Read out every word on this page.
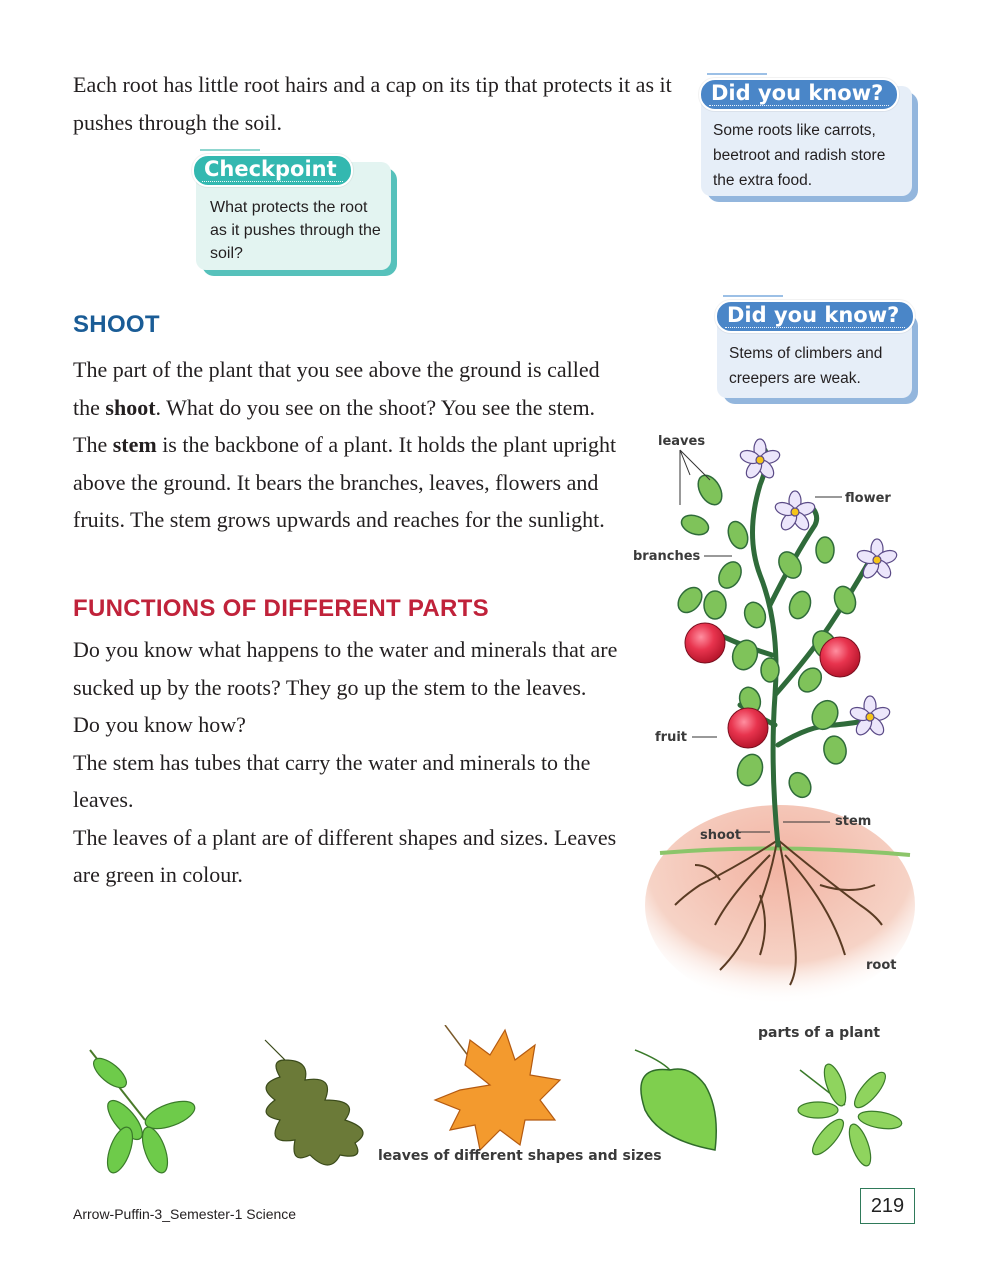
Each root has little root hairs and a cap on its tip that protects it as it pushes through the soil.

Checkpoint
What protects the root as it pushes through the soil?
Did you know?
Some roots like carrots, beetroot and radish store the extra food.
Did you know?
Stems of climbers and creepers are weak.
SHOOT

The part of the plant that you see above the ground is called the shoot. What do you see on the shoot? You see the stem. The stem is the backbone of a plant. It holds the plant upright above the ground. It bears the branches, leaves, flowers and fruits. The stem grows upwards and reaches for the sunlight.

FUNCTIONS OF DIFFERENT PARTS

Do you know what happens to the water and minerals that are sucked up by the roots? They go up the stem to the leaves.

Do you know how?

The stem has tubes that carry the water and minerals to the leaves.

The leaves of a plant are of different shapes and sizes. Leaves are green in colour.

leaves
flower
branches
fruit
stem
shoot
root
parts of a plant
leaves of different shapes and sizes
Arrow-Puffin-3_Semester-1 Science	219
